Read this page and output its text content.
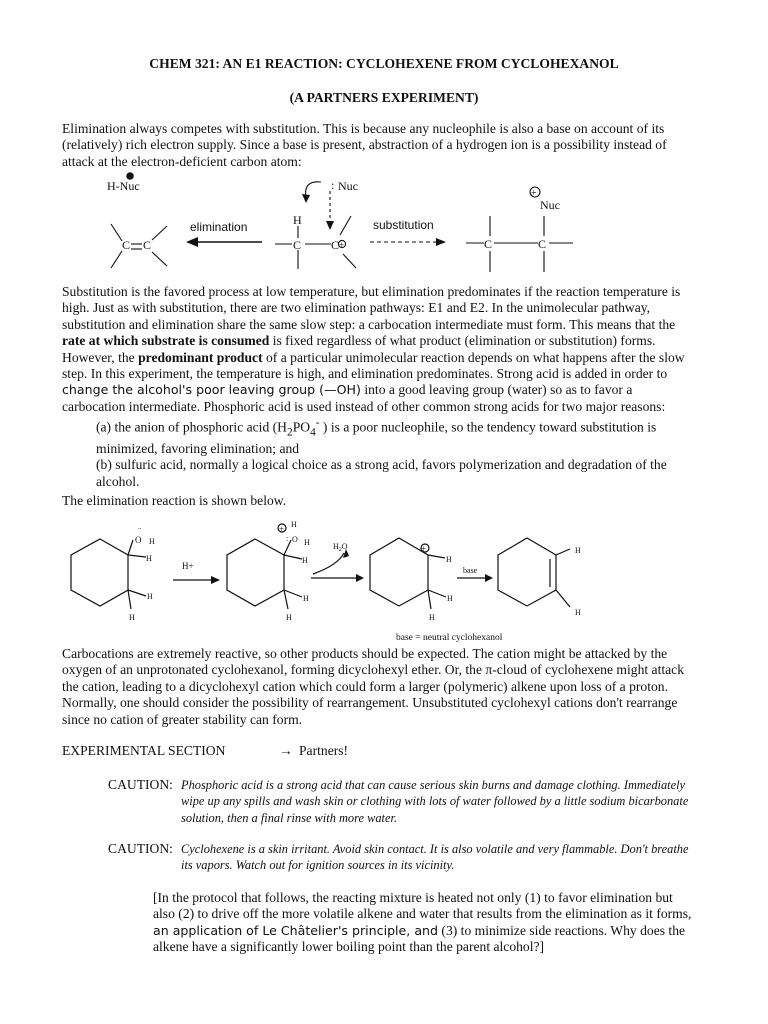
CHEM 321: AN E1 REACTION: CYCLOHEXENE FROM CYCLOHEXANOL
(A PARTNERS EXPERIMENT)

Elimination always competes with substitution. This is because any nucleophile is also a base on account of its (relatively) rich electron supply. Since a base is present, abstraction of a hydrogen ion is a possibility instead of attack at the electron-deficient carbon atom:

H-Nuc
C C
elimination	H
C C +
: Nuc
substitution
+
Nuc
C	C

Substitution is the favored process at low temperature, but elimination predominates if the reaction temperature is high. Just as with substitution, there are two elimination pathways: E1 and E2. In the unimolecular pathway, substitution and elimination share the same slow step: a carbocation intermediate must form. This means that the rate at which substrate is consumed is fixed regardless of what product (elimination or substitution) forms. However, the predominant product of a particular unimolecular reaction depends on what happens after the slow step. In this experiment, the temperature is high, and elimination predominates. Strong acid is added in order to change the alcohol's poor leaving group (—OH) into a good leaving group (water) so as to favor a carbocation intermediate. Phosphoric acid is used instead of other common strong acids for two major reasons:

(a) the anion of phosphoric acid ($H_2PO_4^-$ ) is a poor nucleophile, so the tendency toward substitution is minimized, favoring elimination; and

(b) sulfuric acid, normally a logical choice as a strong acid, favors polymerization and degradation of the alcohol.

The elimination reaction is shown below.
..
O H
H
H
H
H+
+ H
: O H
H
H
H
$H_2O$	+
H
H
H
base
H
H
base = neutral cyclohexanol
Carbocations are extremely reactive, so other products should be expected. The cation might be attacked by the oxygen of an unprotonated cyclohexanol, forming dicyclohexyl ether. Or, the π-cloud of cyclohexene might attack the cation, leading to a dicyclohexyl cation which could form a larger (polymeric) alkene upon loss of a proton. Normally, one should consider the possibility of rearrangement. Unsubstituted cyclohexyl cations don't rearrange since no cation of greater stability can form.
EXPERIMENTAL SECTION	→ Partners!
CAUTION: Phosphoric acid is a strong acid that can cause serious skin burns and damage clothing. Immediately wipe up any spills and wash skin or clothing with lots of water followed by a little sodium bicarbonate solution, then a final rinse with more water.
CAUTION: Cyclohexene is a skin irritant. Avoid skin contact. It is also volatile and very flammable. Don't breathe its vapors. Watch out for ignition sources in its vicinity.
[In the protocol that follows, the reacting mixture is heated not only (1) to favor elimination but also (2) to drive off the more volatile alkene and water that results from the elimination as it forms, an application of Le Châtelier's principle, and (3) to minimize side reactions. Why does the alkene have a significantly lower boiling point than the parent alcohol?]
